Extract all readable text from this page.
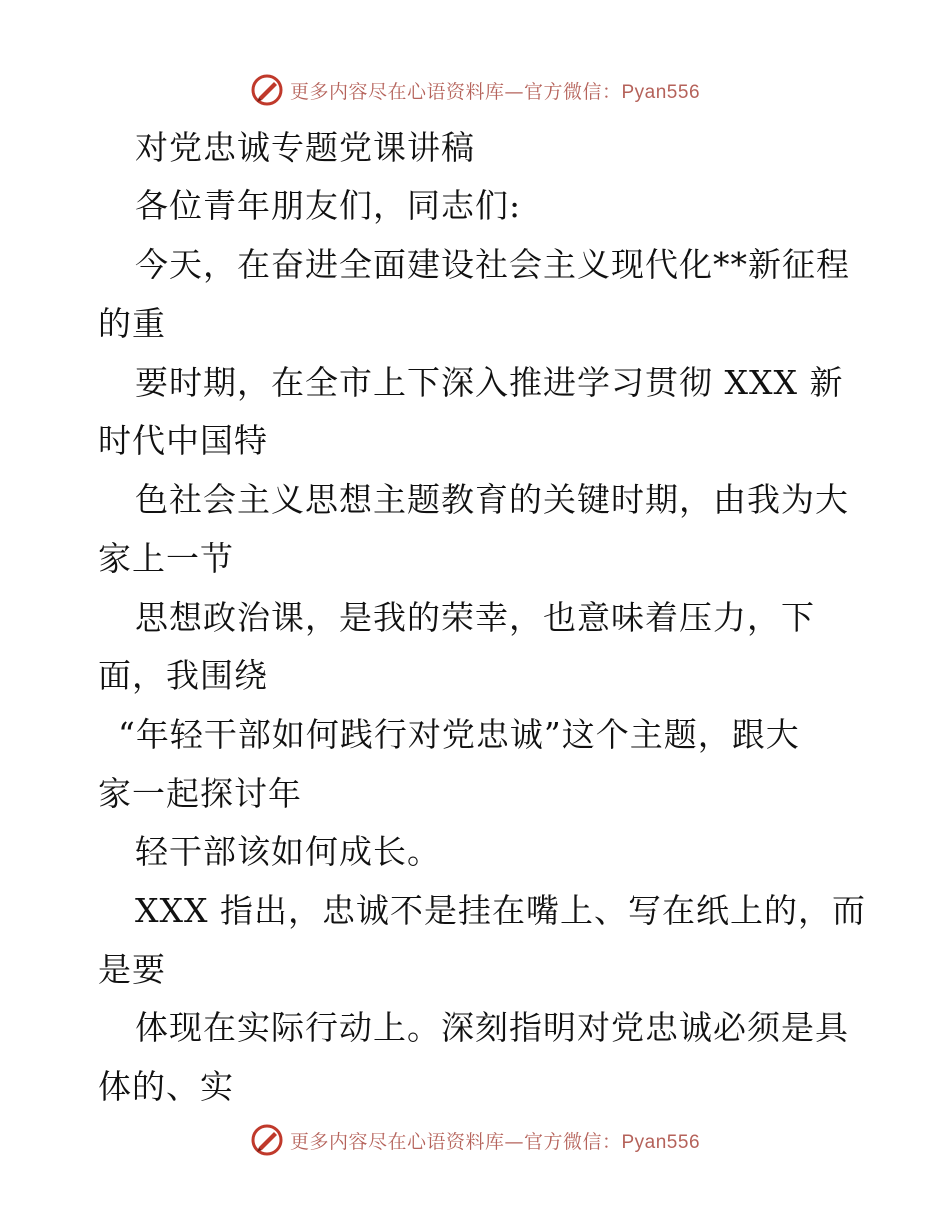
更多内容尽在心语资料库—官方微信：Pyan556
对党忠诚专题党课讲稿
各位青年朋友们，同志们:
今天，在奋进全面建设社会主义现代化**新征程
的重
要时期，在全市上下深入推进学习贯彻 XXX 新
时代中国特
色社会主义思想主题教育的关键时期，由我为大
家上一节
思想政治课，是我的荣幸，也意味着压力，下
面，我围绕
“年轻干部如何践行对党忠诚”这个主题，跟大
家一起探讨年
轻干部该如何成长。
XXX 指出，忠诚不是挂在嘴上、写在纸上的，而
是要
体现在实际行动上。深刻指明对党忠诚必须是具
体的、实
更多内容尽在心语资料库—官方微信：Pyan556
